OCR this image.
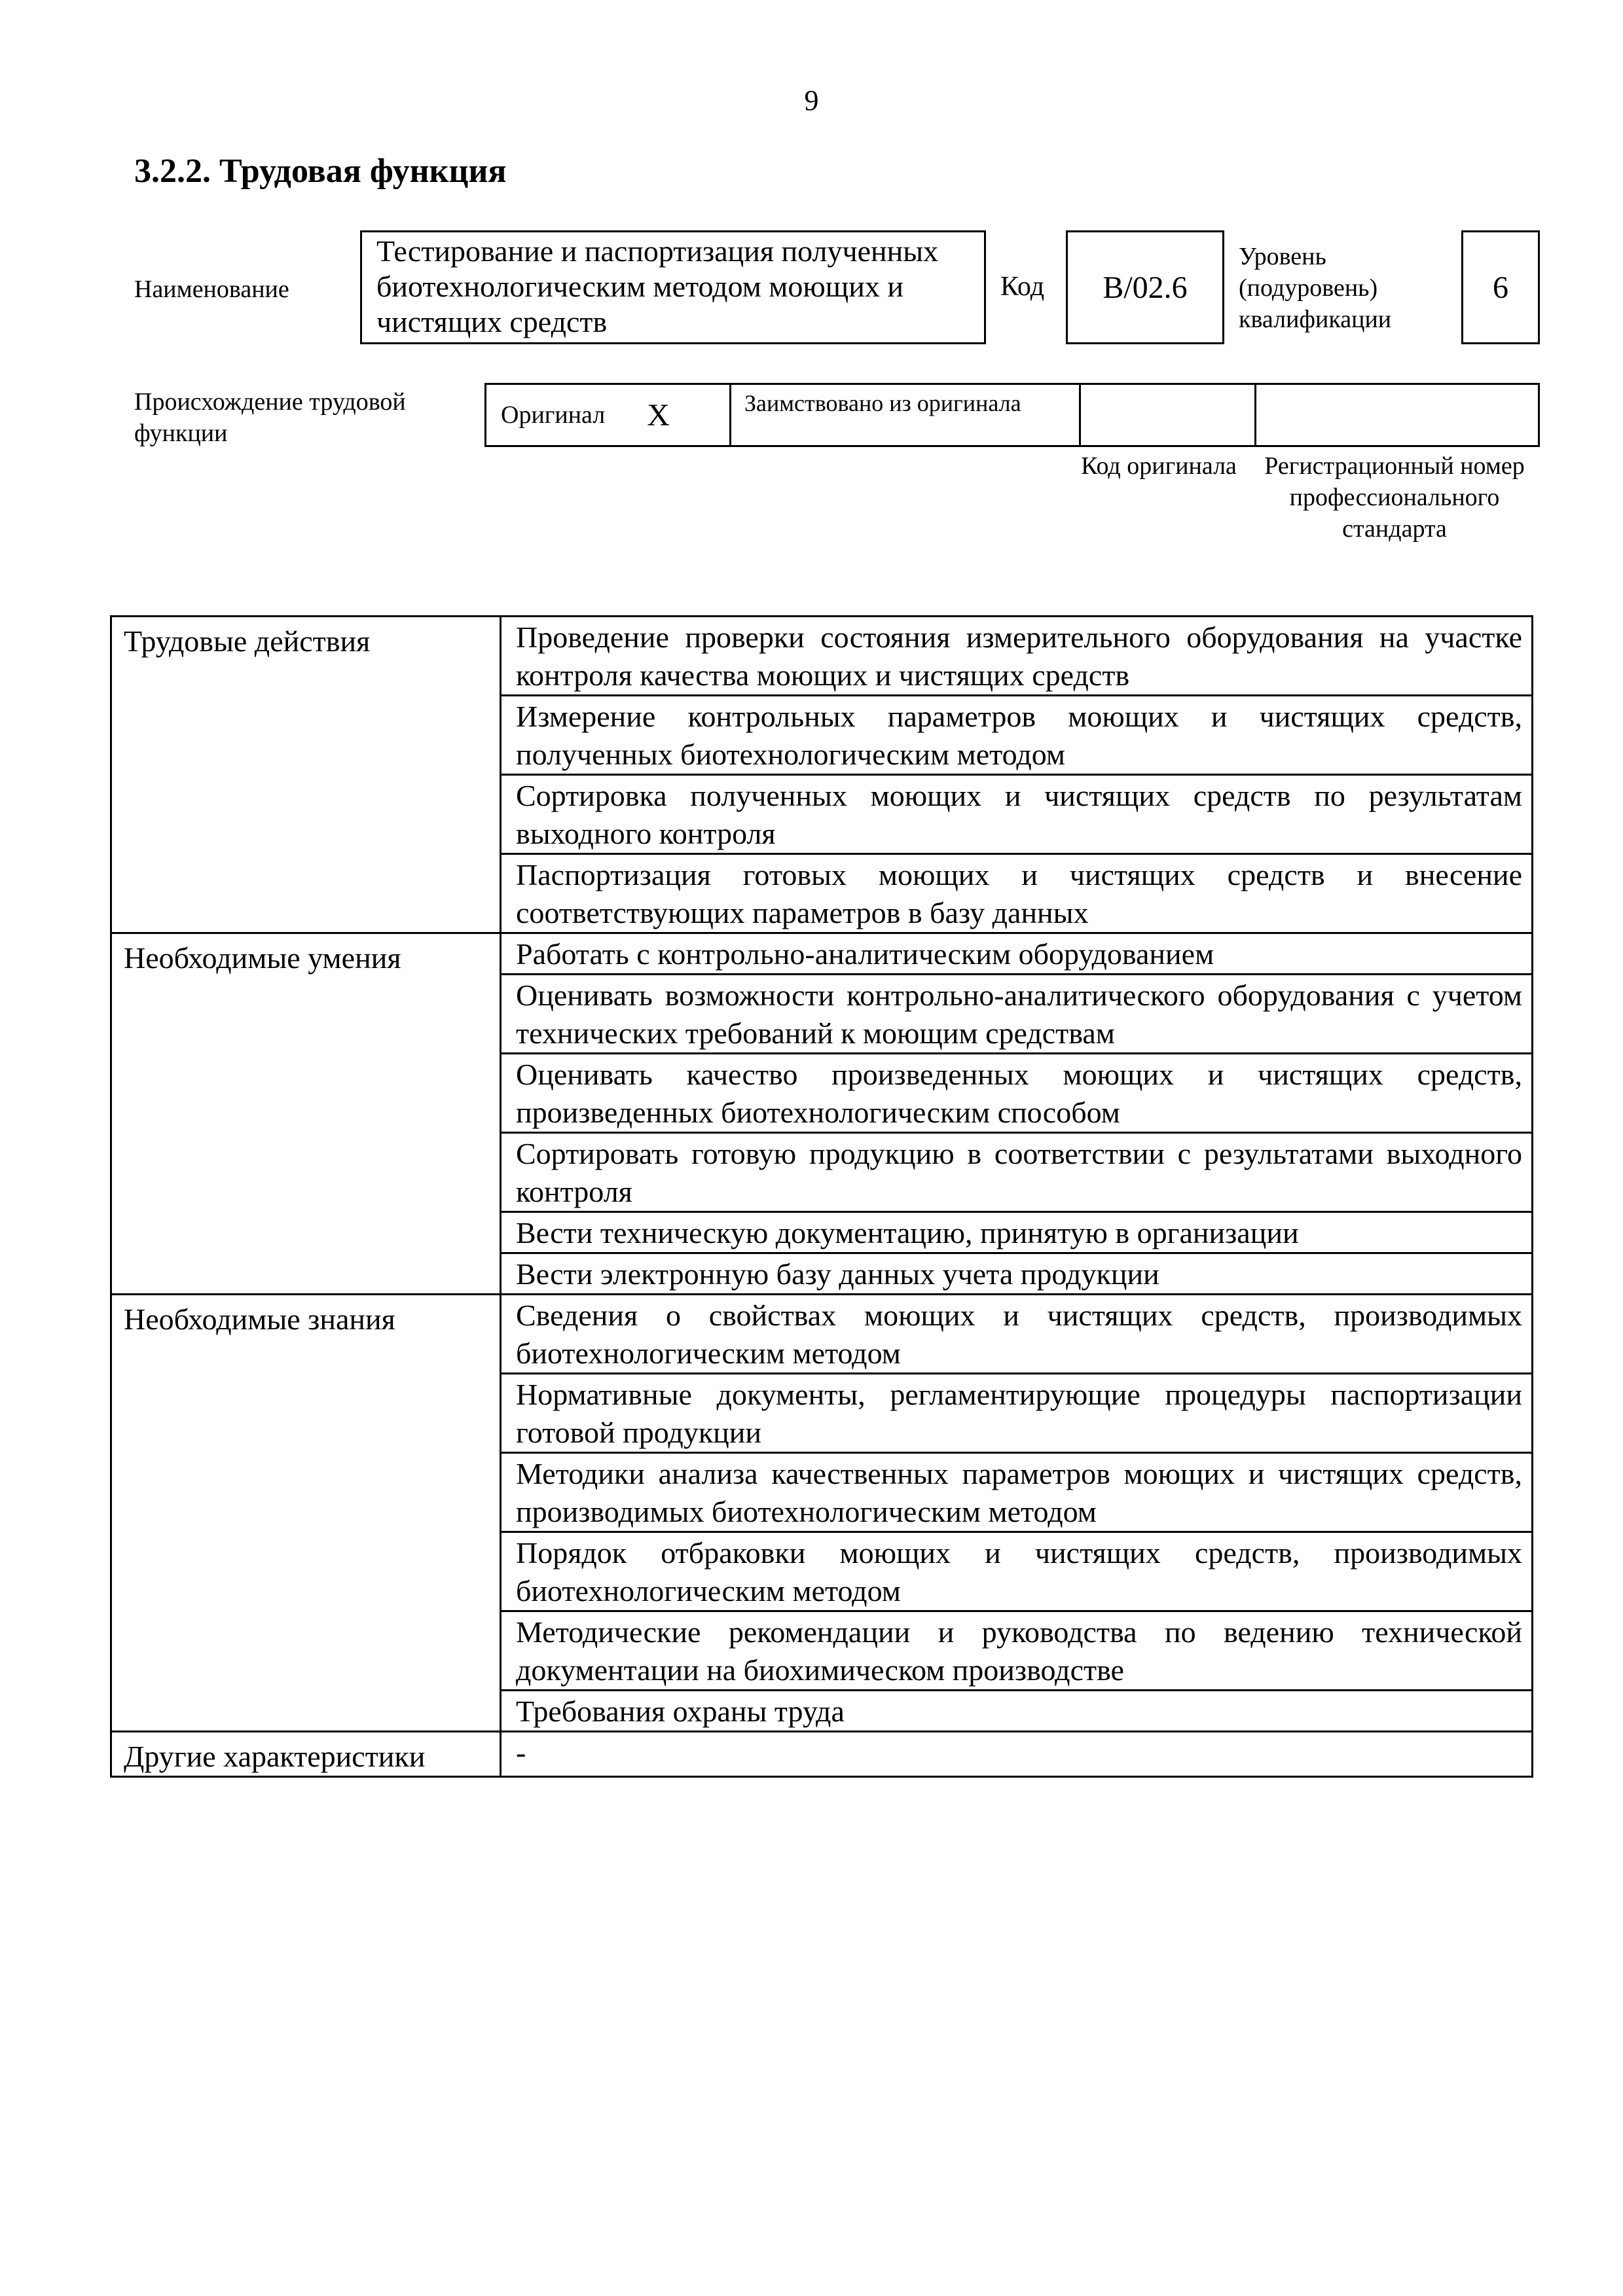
9
3.2.2. Трудовая функция
Наименование
Тестирование и паспортизация полученных биотехнологическим методом моющих и чистящих средств
Код B/02.6
Уровень (подуровень) квалификации
6
Происхождение трудовой функции
Оригинал X	Заимствовано из оригинала
Код оригинала Регистрационный номер профессионального стандарта
Трудовые действия	Проведение проверки состояния измерительного оборудования на участке контроля качества моющих и чистящих средств
	Измерение контрольных параметров моющих и чистящих средств, полученных биотехнологическим методом
	Сортировка полученных моющих и чистящих средств по результатам выходного контроля
	Паспортизация готовых моющих и чистящих средств и внесение соответствующих параметров в базу данных
Необходимые умения	Работать с контрольно-аналитическим оборудованием
	Оценивать возможности контрольно-аналитического оборудования с учетом технических требований к моющим средствам
	Оценивать качество произведенных моющих и чистящих средств, произведенных биотехнологическим способом
	Сортировать готовую продукцию в соответствии с результатами выходного контроля
	Вести техническую документацию, принятую в организации
	Вести электронную базу данных учета продукции
Необходимые знания	Сведения о свойствах моющих и чистящих средств, производимых биотехнологическим методом
	Нормативные документы, регламентирующие процедуры паспортизации готовой продукции
	Методики анализа качественных параметров моющих и чистящих средств, производимых биотехнологическим методом
	Порядок отбраковки моющих и чистящих средств, производимых биотехнологическим методом
	Методические рекомендации и руководства по ведению технической документации на биохимическом производстве
	Требования охраны труда
Другие характеристики	-
